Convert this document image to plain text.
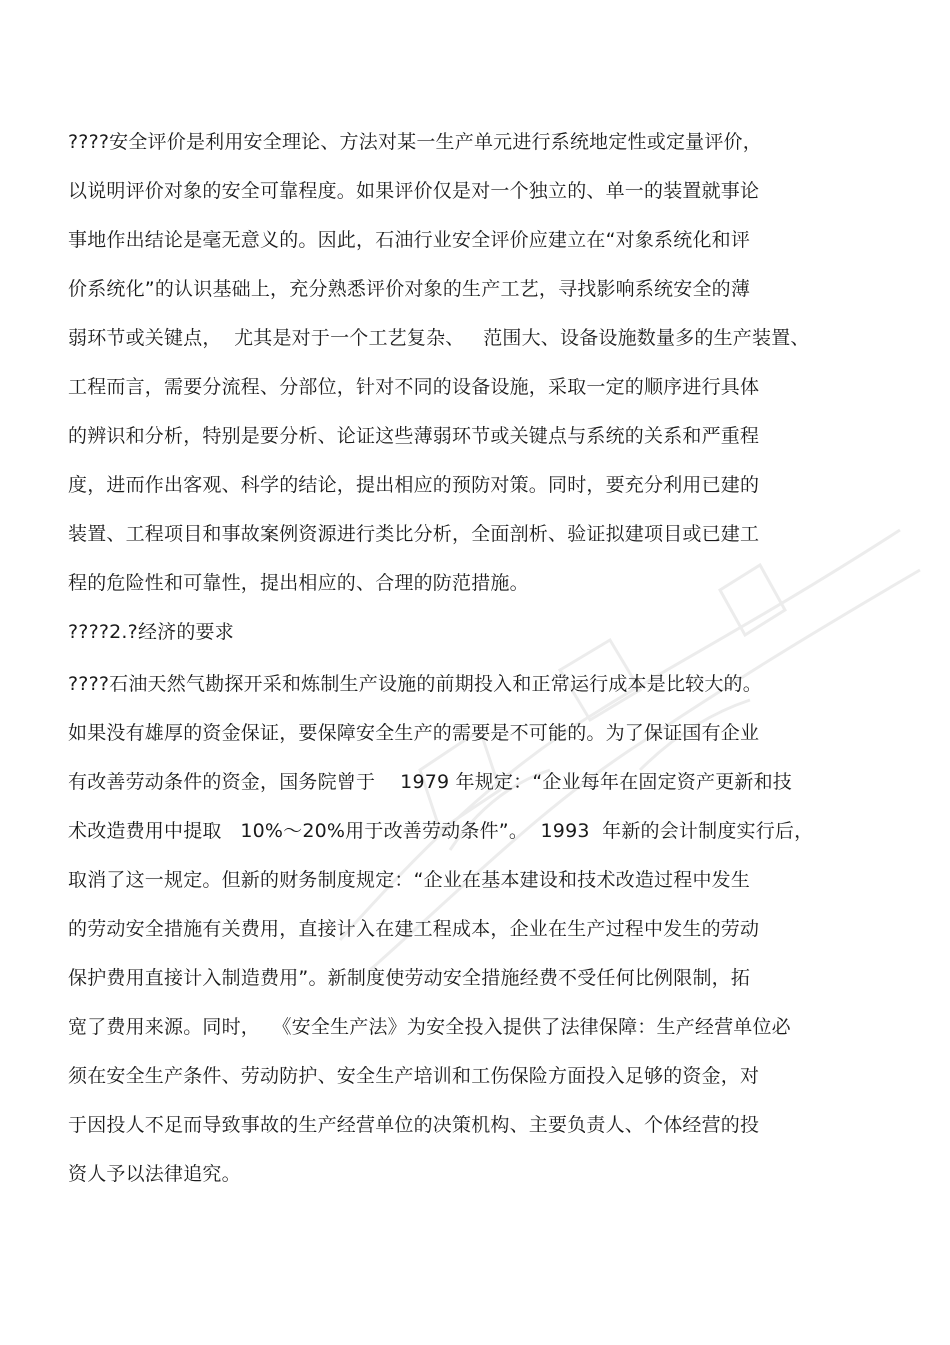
????安全评价是利用安全理论、方法对某一生产单元进行系统地定性或定量评价，
以说明评价对象的安全可靠程度。如果评价仅是对一个独立的、单一的装置就事论
事地作出结论是毫无意义的。因此，石油行业安全评价应建立在“对象系统化和评
价系统化”的认识基础上，充分熟悉评价对象的生产工艺，寻找影响系统安全的薄
弱环节或关键点，  尤其是对于一个工艺复杂、   范围大、设备设施数量多的生产装置、
工程而言，需要分流程、分部位，针对不同的设备设施，采取一定的顺序进行具体
的辨识和分析，特别是要分析、论证这些薄弱环节或关键点与系统的关系和严重程
度，进而作出客观、科学的结论，提出相应的预防对策。同时，要充分利用已建的
装置、工程项目和事故案例资源进行类比分析，全面剖析、验证拟建项目或已建工
程的危险性和可靠性，提出相应的、合理的防范措施。
????2.?经济的要求
????石油天然气勘探开采和炼制生产设施的前期投入和正常运行成本是比较大的。
如果没有雄厚的资金保证，要保障安全生产的需要是不可能的。为了保证国有企业
有改善劳动条件的资金，国务院曾于    1979 年规定：“企业每年在固定资产更新和技
术改造费用中提取   10%～20%用于改善劳动条件”。  1993  年新的会计制度实行后，
取消了这一规定。但新的财务制度规定：“企业在基本建设和技术改造过程中发生
的劳动安全措施有关费用，直接计入在建工程成本，企业在生产过程中发生的劳动
保护费用直接计入制造费用”。新制度使劳动安全措施经费不受任何比例限制，拓
宽了费用来源。同时，  《安全生产法》为安全投入提供了法律保障：生产经营单位必
须在安全生产条件、劳动防护、安全生产培训和工伤保险方面投入足够的资金，对
于因投人不足而导致事故的生产经营单位的决策机构、主要负责人、个体经营的投
资人予以法律追究。
